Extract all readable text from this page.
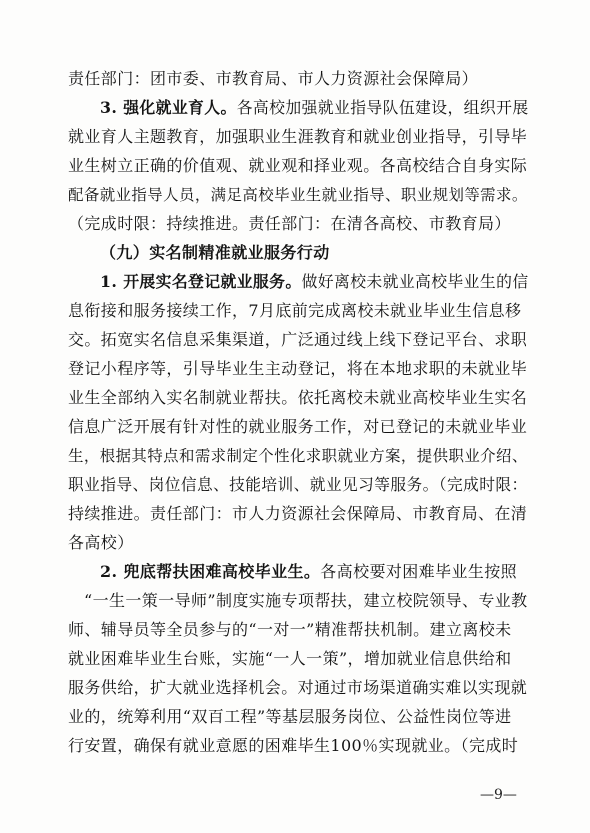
责任部门：团市委、市教育局、市人力资源社会保障局）
3. 强化就业育人。各高校加强就业指导队伍建设，组织开展
就业育人主题教育，加强职业生涯教育和就业创业指导，引导毕
业生树立正确的价值观、就业观和择业观。各高校结合自身实际
配备就业指导人员，满足高校毕业生就业指导、职业规划等需求。
（完成时限：持续推进。责任部门：在清各高校、市教育局）
（九）实名制精准就业服务行动
1. 开展实名登记就业服务。做好离校未就业高校毕业生的信
息衔接和服务接续工作，7月底前完成离校未就业毕业生信息移
交。拓宽实名信息采集渠道，广泛通过线上线下登记平台、求职
登记小程序等，引导毕业生主动登记，将在本地求职的未就业毕
业生全部纳入实名制就业帮扶。依托离校未就业高校毕业生实名
信息广泛开展有针对性的就业服务工作，对已登记的未就业毕业
生，根据其特点和需求制定个性化求职就业方案，提供职业介绍、
职业指导、岗位信息、技能培训、就业见习等服务。（完成时限：
持续推进。责任部门：市人力资源社会保障局、市教育局、在清
各高校）
2. 兜底帮扶困难高校毕业生。各高校要对困难毕业生按照
“一生一策一导师”制度实施专项帮扶，建立校院领导、专业教
师、辅导员等全员参与的“一对一”精准帮扶机制。建立离校未
就业困难毕业生台账，实施“一人一策”，增加就业信息供给和
服务供给，扩大就业选择机会。对通过市场渠道确实难以实现就
业的，统筹利用“双百工程”等基层服务岗位、公益性岗位等进
行安置，确保有就业意愿的困难毕生100％实现就业。（完成时
—9—
